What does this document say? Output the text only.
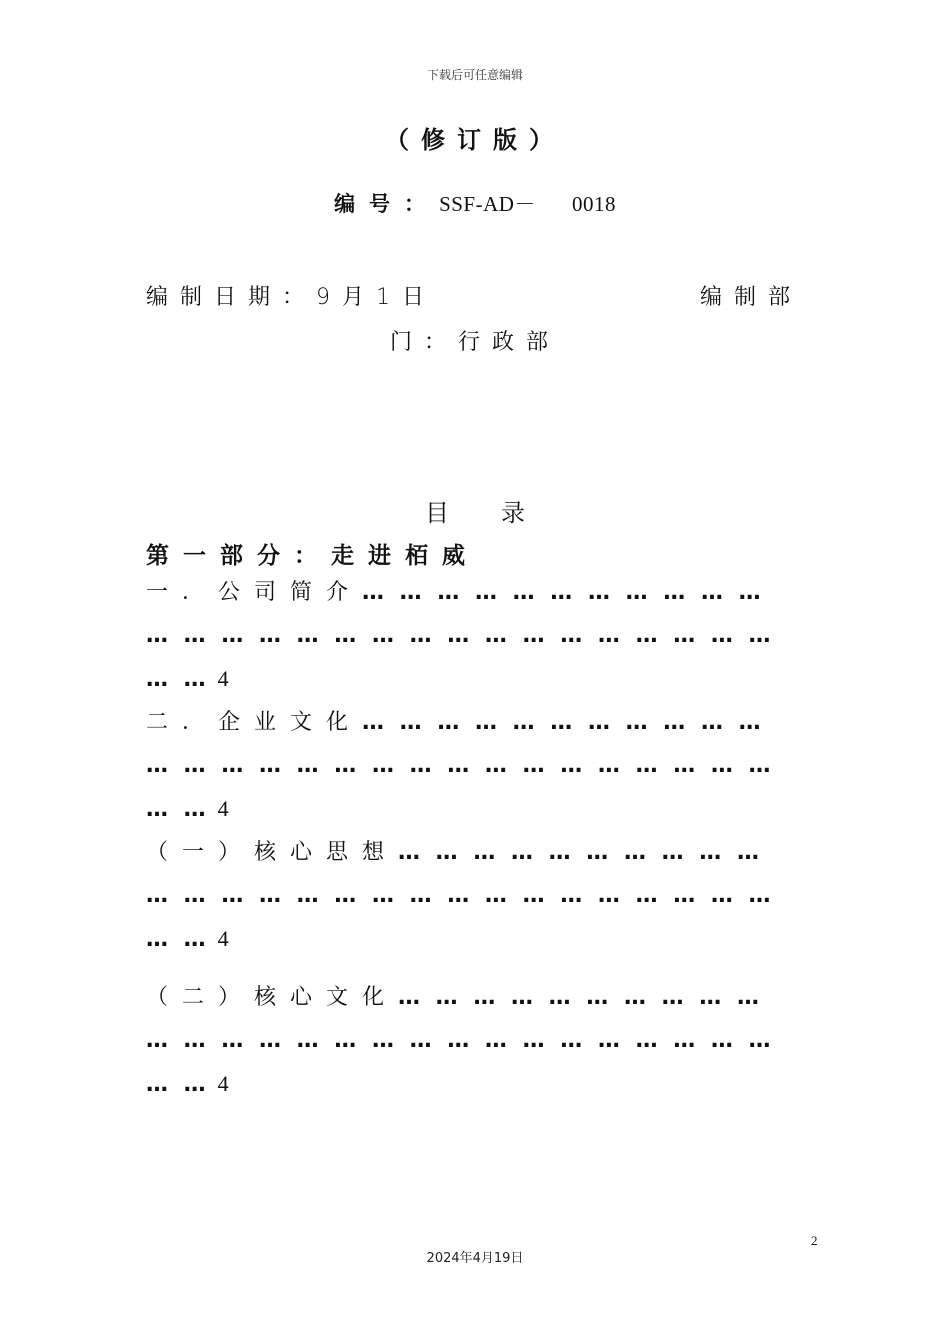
下载后可任意编辑
（修订版）
编号：SSF-AD－ 0018
编制日期：9月1日	编制部
门：行政部
目录
第一部分：走进栢威
一．公司简介… … … … … … … … … … …
… … … … … … … … … … … … … … … … …
… … 4
二．企业文化… … … … … … … … … … …
… … … … … … … … … … … … … … … … …
… … 4
（一）核心思想… … … … … … … … … …
… … … … … … … … … … … … … … … … …
… … 4
（二）核心文化… … … … … … … … … …
… … … … … … … … … … … … … … … … …
… … 4
2
2024年4月19日
